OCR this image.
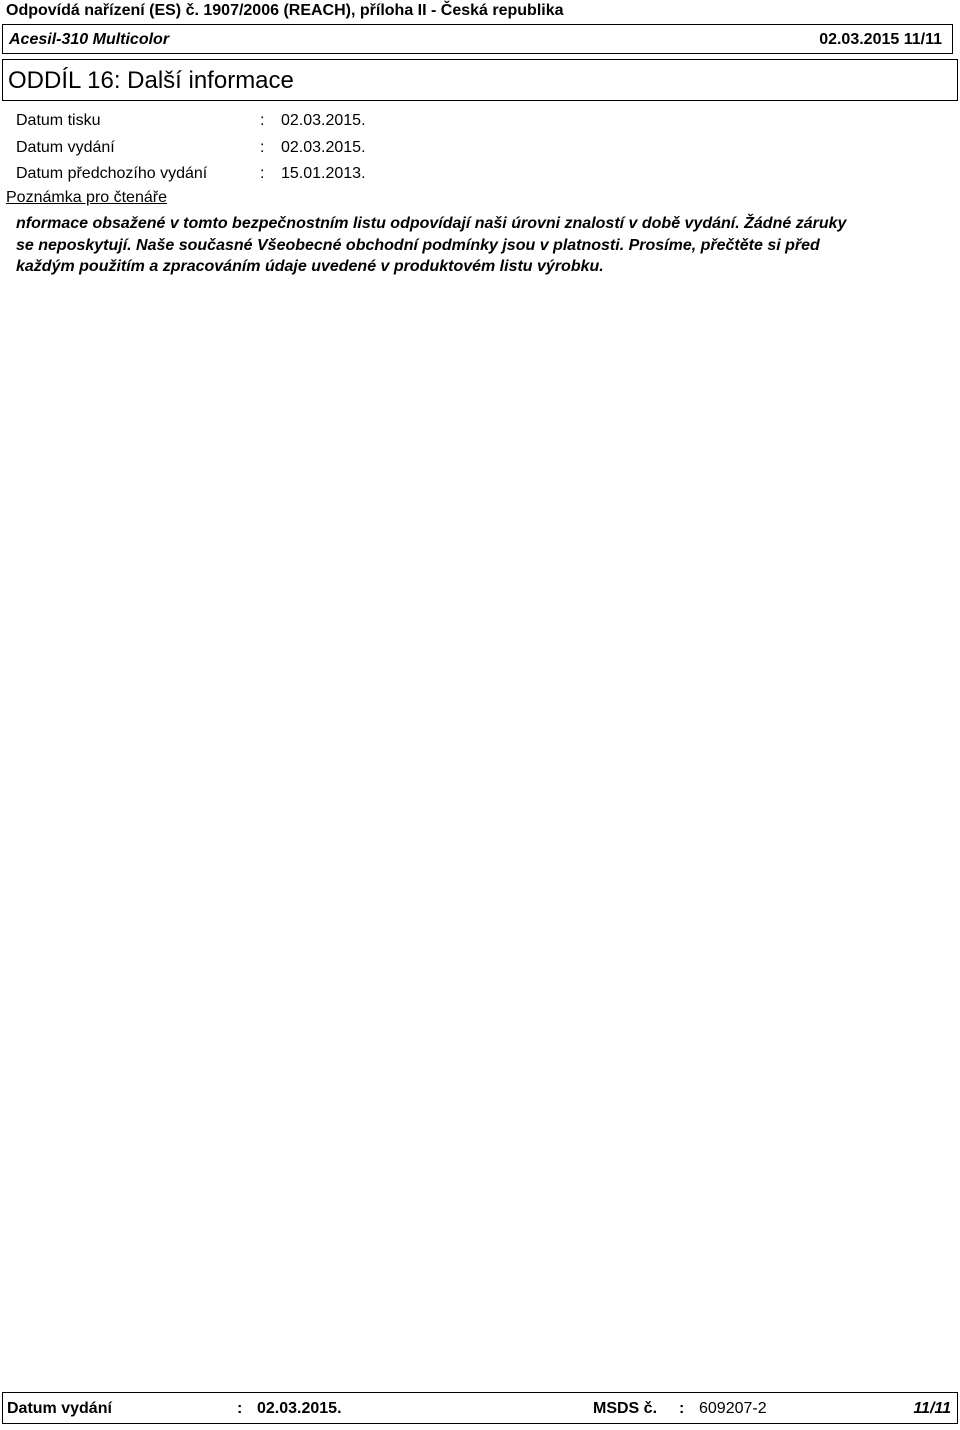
Odpovídá nařízení (ES) č. 1907/2006 (REACH), příloha II - Česká republika
Acesil-310 Multicolor	02.03.2015 11/11
ODDÍL 16: Další informace
Datum tisku	:	02.03.2015.
Datum vydání	:	02.03.2015.
Datum předchozího vydání	:	15.01.2013.
Poznámka pro čtenáře
nformace obsažené v tomto bezpečnostním listu odpovídají naši úrovni znalostí v době vydání. Žádné záruky
se neposkytují. Naše současné Všeobecné obchodní podmínky jsou v platnosti. Prosíme, přečtěte si před
každým použitím a zpracováním údaje uvedené v produktovém listu výrobku.
Datum vydání	: 02.03.2015.	MSDS č. : 609207-2	11/11
